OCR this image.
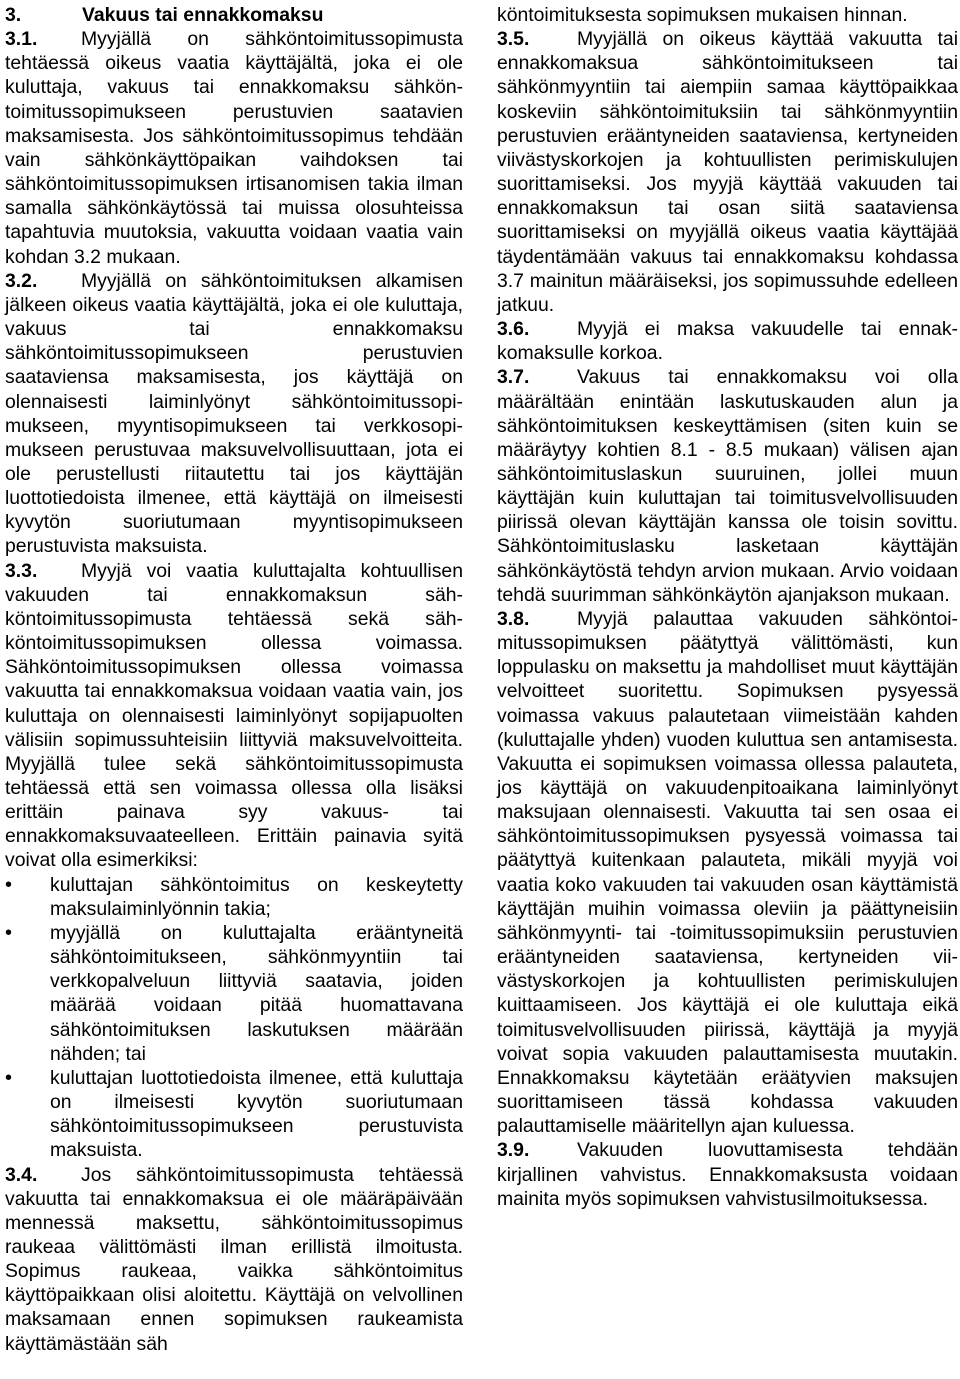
3.	Vakuus tai ennakkomaksu

3.1. Myyjällä on sähköntoimitussopimusta tehtäessä oikeus vaatia käyttäjältä, joka ei ole kuluttaja, vakuus tai ennakkomaksu sähköntoimitussopimukseen perustuvien saatavien maksamisesta. Jos sähköntoimitussopimus tehdään vain sähkönkäyttöpaikan vaihdoksen tai sähköntoimitussopimuksen irtisanomisen takia ilman samalla sähkönkäytössä tai muissa olosuhteissa tapahtuvia muutoksia, vakuutta voidaan vaatia vain kohdan 3.2 mukaan.

3.2. Myyjällä on sähköntoimituksen alkamisen jälkeen oikeus vaatia käyttäjältä, joka ei ole kuluttaja, vakuus tai ennakkomaksu sähköntoimitussopimukseen perustuvien saataviensa maksamisesta, jos käyttäjä on olennaisesti laiminlyönyt sähköntoimitussopimukseen, myyntisopimukseen tai verkkosopimukseen perustuvaa maksuvelvollisuuttaan, jota ei ole perustellusti riitautettu tai jos käyttäjän luottotiedoista ilmenee, että käyttäjä on ilmeisesti kyvytön suoriutumaan myyntisopimukseen perustuvista maksuista.

3.3. Myyjä voi vaatia kuluttajalta kohtuullisen vakuuden tai ennakkomaksun sähköntoimitussopimusta tehtäessä sekä sähköntoimitussopimuksen ollessa voimassa. Sähköntoimitussopimuksen ollessa voimassa vakuutta tai ennakkomaksua voidaan vaatia vain, jos kuluttaja on olennaisesti laiminlyönyt sopijapuolten välisiin sopimussuhteisiin liittyviä maksuvelvoitteita. Myyjällä tulee sekä sähköntoimitussopimusta tehtäessä että sen voimassa ollessa olla lisäksi erittäin painava syy vakuus- tai ennakkomaksuvaateelleen. Erittäin painavia syitä voivat olla esimerkiksi:

• kuluttajan sähköntoimitus on keskeytetty maksulaiminlyönnin takia;
• myyjällä on kuluttajalta erääntyneitä sähköntoimitukseen, sähkönmyyntiin tai verkkopalveluun liittyviä saatavia, joiden määrää voidaan pitää huomattavana sähköntoimituksen laskutuksen määrään nähden; tai
• kuluttajan luottotiedoista ilmenee, että kuluttaja on ilmeisesti kyvytön suoriutumaan sähköntoimitussopimukseen perustuvista maksuista.

3.4. Jos sähköntoimitussopimusta tehtäessä vakuutta tai ennakkomaksua ei ole määräpäivään mennessä maksettu, sähköntoimitussopimus raukeaa välittömästi ilman erillistä ilmoitusta. Sopimus raukeaa, vaikka sähköntoimitus käyttöpaikkaan olisi aloitettu. Käyttäjä on velvollinen maksamaan ennen sopimuksen raukeamista käyttämästään säh

köntoimituksesta sopimuksen mukaisen hinnan.

3.5. Myyjällä on oikeus käyttää vakuutta tai ennakkomaksua sähköntoimitukseen tai sähkönmyyntiin tai aiempiin samaa käyttöpaikkaa koskeviin sähköntoimituksiin tai sähkönmyyntiin perustuvien erääntyneiden saataviensa, kertyneiden viivästyskorkojen ja kohtuullisten perimiskulujen suorittamiseksi. Jos myyjä käyttää vakuuden tai ennakkomaksun tai osan siitä saataviensa suorittamiseksi on myyjällä oikeus vaatia käyttäjää täydentämään vakuus tai ennakkomaksu kohdassa 3.7 mainitun määräiseksi, jos sopimussuhde edelleen jatkuu.

3.6. Myyjä ei maksa vakuudelle tai ennakkomaksulle korkoa.

3.7. Vakuus tai ennakkomaksu voi olla määrältään enintään laskutuskauden alun ja sähköntoimituksen keskeyttämisen (siten kuin se määräytyy kohtien 8.1 - 8.5 mukaan) välisen ajan sähköntoimituslaskun suuruinen, jollei muun käyttäjän kuin kuluttajan tai toimitusvelvollisuuden piirissä olevan käyttäjän kanssa ole toisin sovittu. Sähköntoimituslasku lasketaan käyttäjän sähkönkäytöstä tehdyn arvion mukaan. Arvio voidaan tehdä suurimman sähkönkäytön ajanjakson mukaan.

3.8. Myyjä palauttaa vakuuden sähköntoimitussopimuksen päätyttyä välittömästi, kun loppulasku on maksettu ja mahdolliset muut käyttäjän velvoitteet suoritettu. Sopimuksen pysyessä voimassa vakuus palautetaan viimeistään kahden (kuluttajalle yhden) vuoden kuluttua sen antamisesta. Vakuutta ei sopimuksen voimassa ollessa palauteta, jos käyttäjä on vakuudenpitoaikana laiminlyönyt maksujaan olennaisesti. Vakuutta tai sen osaa ei sähköntoimitussopimuksen pysyessä voimassa tai päätyttyä kuitenkaan palauteta, mikäli myyjä voi vaatia koko vakuuden tai vakuuden osan käyttämistä käyttäjän muihin voimassa oleviin ja päättyneisiin sähkönmyynti- tai -toimitussopimuksiin perustuvien erääntyneiden saataviensa, kertyneiden viivästyskorkojen ja kohtuullisten perimiskulujen kuittaamiseen. Jos käyttäjä ei ole kuluttaja eikä toimitusvelvollisuuden piirissä, käyttäjä ja myyjä voivat sopia vakuuden palauttamisesta muutakin. Ennakkomaksu käytetään eräätyvien maksujen suorittamiseen tässä kohdassa vakuuden palauttamiselle määritellyn ajan kuluessa.

3.9. Vakuuden luovuttamisesta tehdään kirjallinen vahvistus. Ennakkomaksusta voidaan mainita myös sopimuksen vahvistusilmoituksessa.
